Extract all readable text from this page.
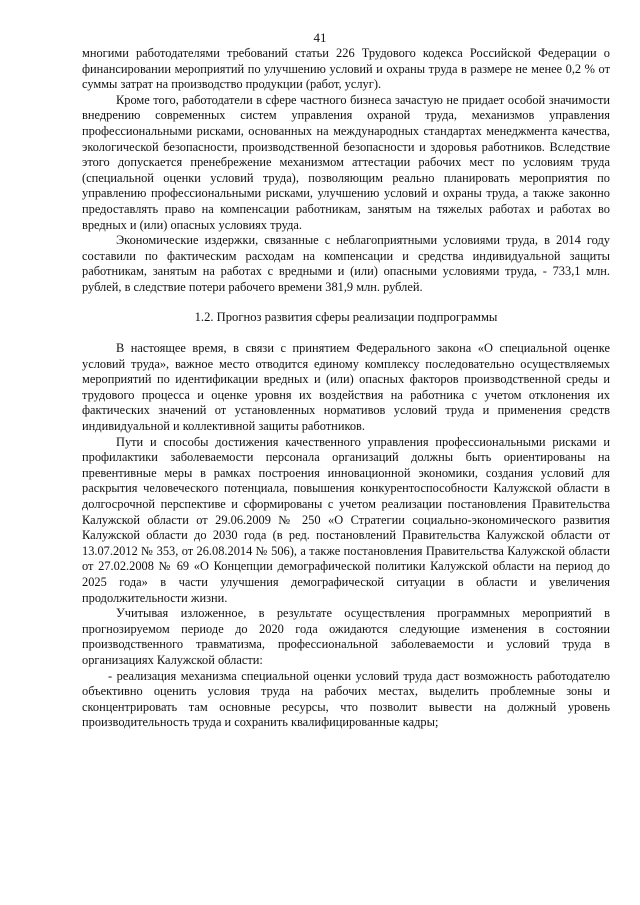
41

многими работодателями требований статьи 226 Трудового кодекса Российской Федерации о финансировании мероприятий по улучшению условий и охраны труда в размере не менее 0,2 % от суммы затрат на производство продукции (работ, услуг).

Кроме того, работодатели в сфере частного бизнеса зачастую не придает особой значимости внедрению современных систем управления охраной труда, механизмов управления профессиональными рисками, основанных на международных стандартах менеджмента качества, экологической безопасности, производственной безопасности и здоровья работников. Вследствие этого допускается пренебрежение механизмом аттестации рабочих мест по условиям труда (специальной оценки условий труда), позволяющим реально планировать мероприятия по управлению профессиональными рисками, улучшению условий и охраны труда, а также законно предоставлять право на компенсации работникам, занятым на тяжелых работах и работах во вредных и (или) опасных условиях труда.

Экономические издержки, связанные с неблагоприятными условиями труда, в 2014 году составили по фактическим расходам на компенсации и средства индивидуальной защиты работникам, занятым на работах с вредными и (или) опасными условиями труда, - 733,1 млн. рублей, в следствие потери рабочего времени 381,9 млн. рублей.

1.2. Прогноз развития сферы реализации подпрограммы

В настоящее время, в связи с принятием Федерального закона «О специальной оценке условий труда», важное место отводится единому комплексу последовательно осуществляемых мероприятий по идентификации вредных и (или) опасных факторов производственной среды и трудового процесса и оценке уровня их воздействия на работника с учетом отклонения их фактических значений от установленных нормативов условий труда и применения средств индивидуальной и коллективной защиты работников.

Пути и способы достижения качественного управления профессиональными рисками и профилактики заболеваемости персонала организаций должны быть ориентированы на превентивные меры в рамках построения инновационной экономики, создания условий для раскрытия человеческого потенциала, повышения конкурентоспособности Калужской области в долгосрочной перспективе и сформированы с учетом реализации постановления Правительства Калужской области от 29.06.2009 № 250 «О Стратегии социально-экономического развития Калужской области до 2030 года (в ред. постановлений Правительства Калужской области от 13.07.2012 № 353, от 26.08.2014 № 506), а также постановления Правительства Калужской области от 27.02.2008 № 69 «О Концепции демографической политики Калужской области на период до 2025 года» в части улучшения демографической ситуации в области и увеличения продолжительности жизни.

Учитывая изложенное, в результате осуществления программных мероприятий в прогнозируемом периоде до 2020 года ожидаются следующие изменения в состоянии производственного травматизма, профессиональной заболеваемости и условий труда в организациях Калужской области:

- реализация механизма специальной оценки условий труда даст возможность работодателю объективно оценить условия труда на рабочих местах, выделить проблемные зоны и сконцентрировать там основные ресурсы, что позволит вывести на должный уровень производительность труда и сохранить квалифицированные кадры;
